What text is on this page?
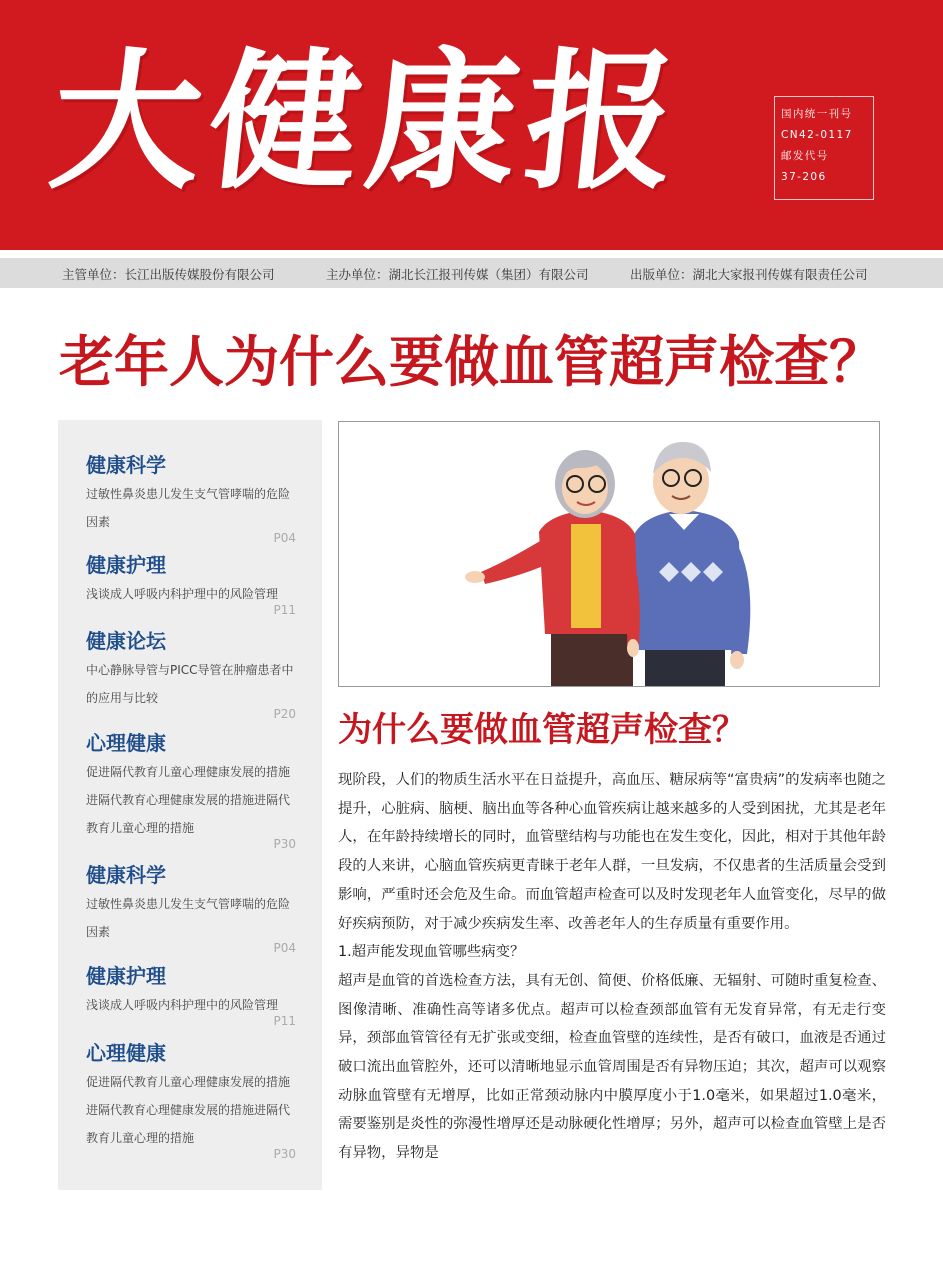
大健康报	国内统一刊号
CN42-0117
邮发代号
37-206
主管单位：长江出版传媒股份有限公司	主办单位：湖北长江报刊传媒（集团）有限公司	出版单位：湖北大家报刊传媒有限责任公司
老年人为什么要做血管超声检查？
健康科学
过敏性鼻炎患儿发生支气管哮喘的危险因素
P04
健康护理
浅谈成人呼吸内科护理中的风险管理
P11
健康论坛
中心静脉导管与PICC导管在肿瘤患者中的应用与比较
P20
心理健康
促进隔代教育儿童心理健康发展的措施进隔代教育心理健康发展的措施进隔代教育儿童心理的措施
P30
健康科学
过敏性鼻炎患儿发生支气管哮喘的危险因素
P04
健康护理
浅谈成人呼吸内科护理中的风险管理
P11
心理健康
促进隔代教育儿童心理健康发展的措施进隔代教育心理健康发展的措施进隔代教育儿童心理的措施
P30
为什么要做血管超声检查？

现阶段，人们的物质生活水平在日益提升，高血压、糖尿病等“富贵病”的发病率也随之提升，心脏病、脑梗、脑出血等各种心血管疾病让越来越多的人受到困扰，尤其是老年人，在年龄持续增长的同时，血管壁结构与功能也在发生变化，因此，相对于其他年龄段的人来讲，心脑血管疾病更青睐于老年人群，一旦发病，不仅患者的生活质量会受到影响，严重时还会危及生命。而血管超声检查可以及时发现老年人血管变化，尽早的做好疾病预防，对于减少疾病发生率、改善老年人的生存质量有重要作用。

1.超声能发现血管哪些病变？

超声是血管的首选检查方法，具有无创、简便、价格低廉、无辐射、可随时重复检查、图像清晰、准确性高等诸多优点。超声可以检查颈部血管有无发育异常，有无走行变异，颈部血管管径有无扩张或变细，检查血管壁的连续性，是否有破口，血液是否通过破口流出血管腔外，还可以清晰地显示血管周围是否有异物压迫；其次，超声可以观察动脉血管壁有无增厚，比如正常颈动脉内中膜厚度小于1.0毫米，如果超过1.0毫米，需要鉴别是炎性的弥漫性增厚还是动脉硬化性增厚；另外，超声可以检查血管壁上是否有异物，异物是
